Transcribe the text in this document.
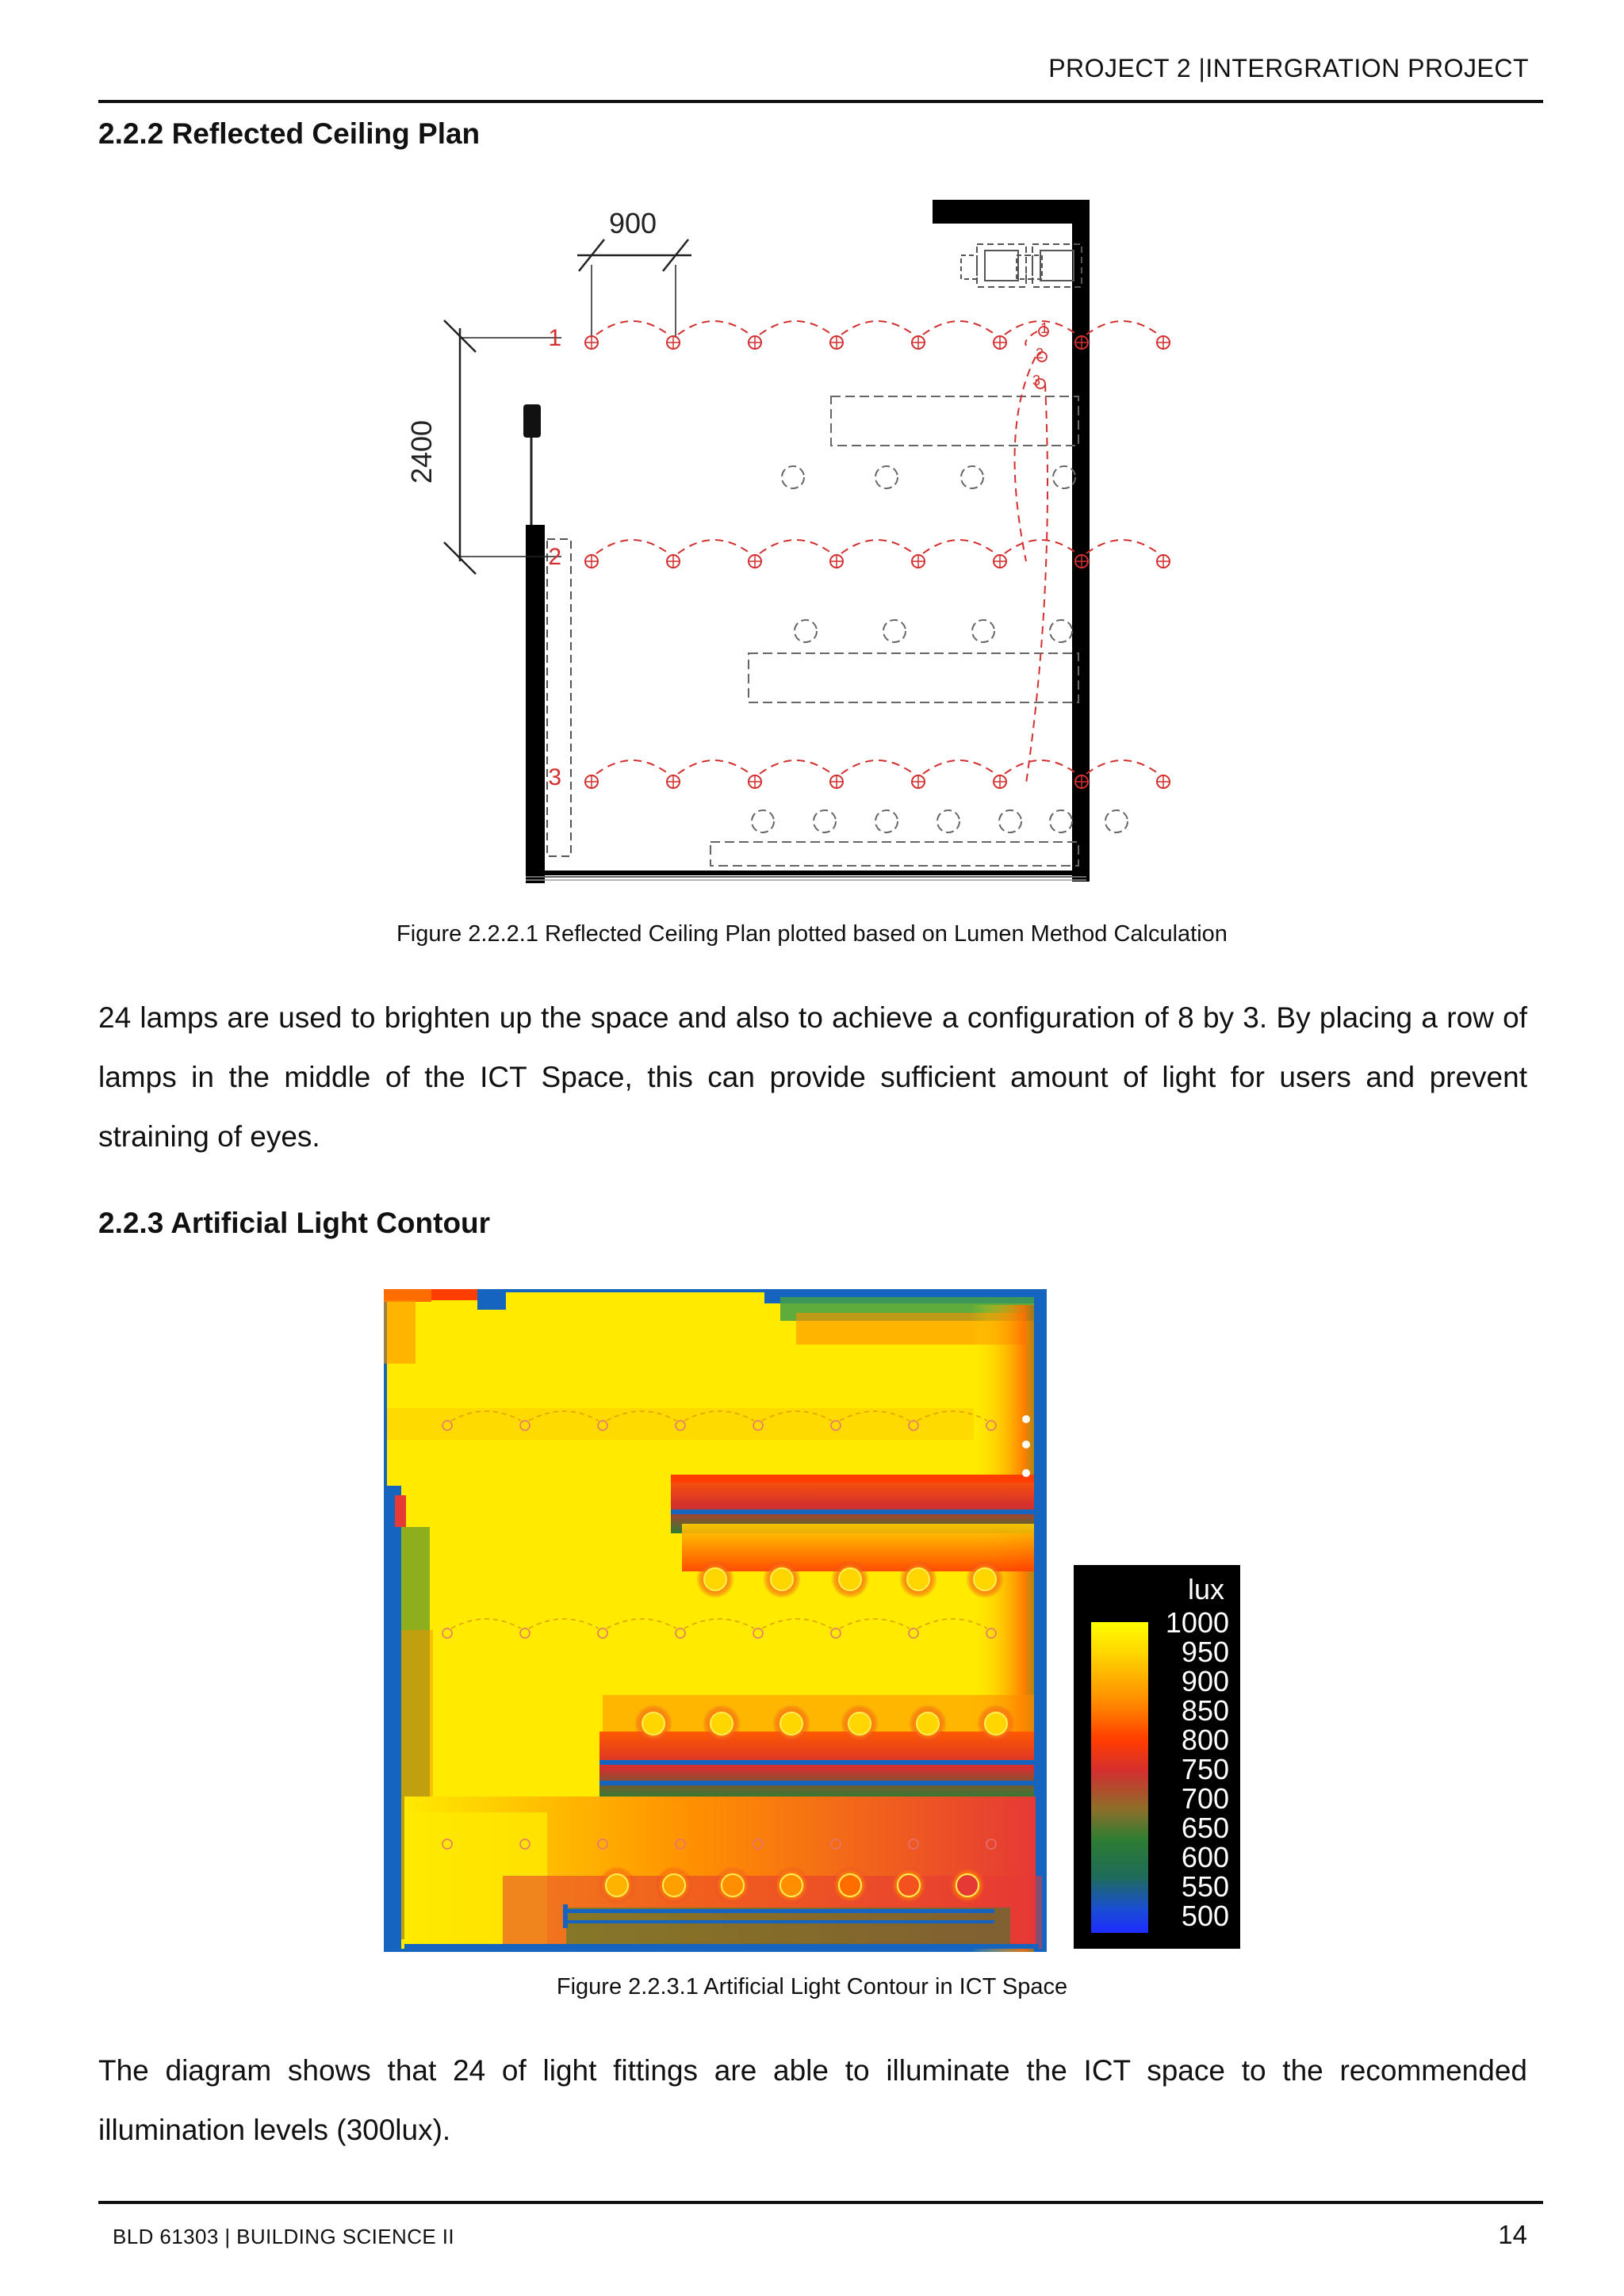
PROJECT 2 |INTERGRATION PROJECT
2.2.2 Reflected Ceiling Plan
900
2400
1
2
3
1
2
3
Figure 2.2.2.1 Reflected Ceiling Plan plotted based on Lumen Method Calculation
24 lamps are used to brighten up the space and also to achieve a configuration of 8 by 3. By placing a row of lamps in the middle of the ICT Space, this can provide sufficient amount of light for users and prevent straining of eyes.
2.2.3 Artificial Light Contour
lux
1000
950
900
850
800
750
700
650
600
550
500
Figure 2.2.3.1 Artificial Light Contour in ICT Space
The diagram shows that 24 of light fittings are able to illuminate the ICT space to the recommended illumination levels (300lux).
BLD 61303 | BUILDING SCIENCE II	14
